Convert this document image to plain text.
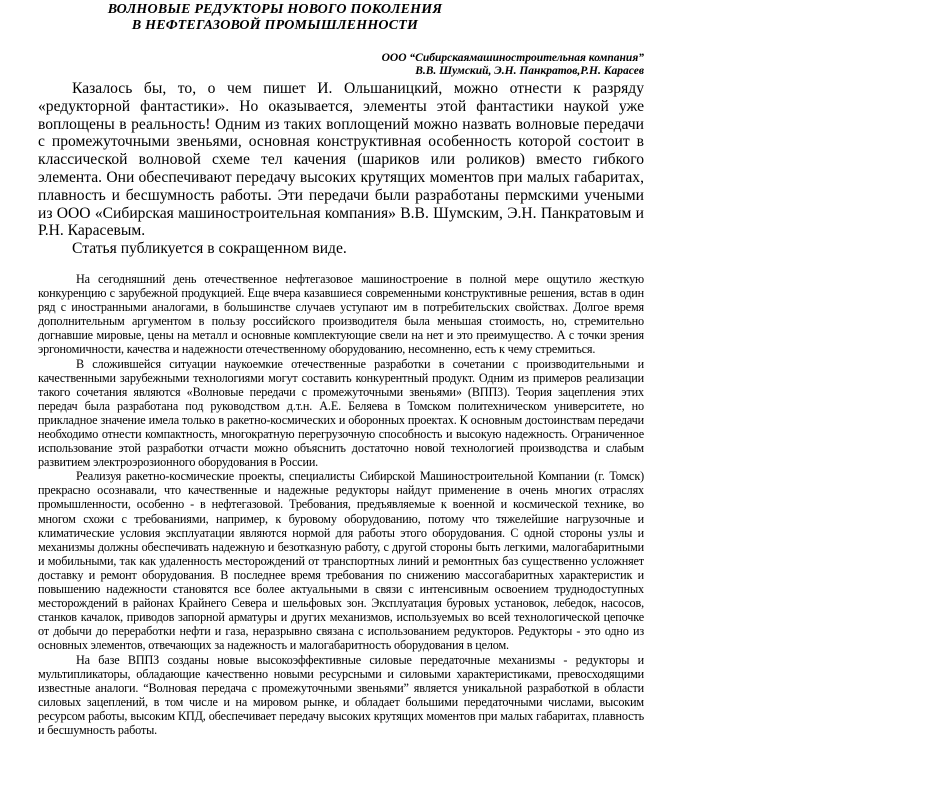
ВОЛНОВЫЕ РЕДУКТОРЫ НОВОГО ПОКОЛЕНИЯ
В НЕФТЕГАЗОВОЙ ПРОМЫШЛЕННОСТИ
ООО “Сибирскаямашиностроительная компания”
В.В. Шумский, Э.Н. Панкратов,Р.Н. Карасев

Казалось бы, то, о чем пишет И. Ольшаницкий, можно отнести к разряду «редукторной фантастики». Но оказывается, элементы этой фантастики наукой уже воплощены в реальность! Одним из таких воплощений можно назвать волновые передачи с промежуточными звеньями, основная конструктивная особенность которой состоит в классической волновой схеме тел качения (шариков или роликов) вместо гибкого элемента. Они обеспечивают передачу высоких крутящих моментов при малых габаритах, плавность и бесшумность работы. Эти передачи были разработаны пермскими учеными из ООО «Сибирская машиностроительная компания» В.В. Шумским, Э.Н. Панкратовым и Р.Н. Карасевым.

Статья публикуется в сокращенном виде.

На сегодняшний день отечественное нефтегазовое машиностроение в полной мере ощутило жесткую конкуренцию с зарубежной продукцией. Еще вчера казавшиеся современными конструктивные решения, встав в один ряд с иностранными аналогами, в большинстве случаев уступают им в потребительских свойствах. Долгое время дополнительным аргументом в пользу российского производителя была меньшая стоимость, но, стремительно догнавшие мировые, цены на металл и основные комплектующие свели на нет и это преимущество. А с точки зрения эргономичности, качества и надежности отечественному оборудованию, несомненно, есть к чему стремиться.

В сложившейся ситуации наукоемкие отечественные разработки в сочетании с производительными и качественными зарубежными технологиями могут составить конкурентный продукт. Одним из примеров реализации такого сочетания являются «Волновые передачи с промежуточными звеньями» (ВППЗ). Теория зацепления этих передач была разработана под руководством д.т.н. А.Е. Беляева в Томском политехническом университете, но прикладное значение имела только в ракетно-космических и оборонных проектах. К основным достоинствам передачи необходимо отнести компактность, многократную перегрузочную способность и высокую надежность. Ограниченное использование этой разработки отчасти можно объяснить достаточно новой технологией производства и слабым развитием электроэрозионного оборудования в России.

Реализуя ракетно-космические проекты, специалисты Сибирской Машиностроительной Компании (г. Томск) прекрасно осознавали, что качественные и надежные редукторы найдут применение в очень многих отраслях промышленности, особенно - в нефтегазовой. Требования, предъявляемые к военной и космической технике, во многом схожи с требованиями, например, к буровому оборудованию, потому что тяжелейшие нагрузочные и климатические условия эксплуатации являются нормой для работы этого оборудования. С одной стороны узлы и механизмы должны обеспечивать надежную и безотказную работу, с другой стороны быть легкими, малогабаритными и мобильными, так как удаленность месторождений от транспортных линий и ремонтных баз существенно усложняет доставку и ремонт оборудования. В последнее время требования по снижению массогабаритных характеристик и повышению надежности становятся все более актуальными в связи с интенсивным освоением труднодоступных месторождений в районах Крайнего Севера и шельфовых зон. Эксплуатация буровых установок, лебедок, насосов, станков качалок, приводов запорной арматуры и других механизмов, используемых во всей технологической цепочке от добычи до переработки нефти и газа, неразрывно связана с использованием редукторов. Редукторы - это одно из основных элементов, отвечающих за надежность и малогабаритность оборудования в целом.

На базе ВППЗ созданы новые высокоэффективные силовые передаточные механизмы - редукторы и мультипликаторы, обладающие качественно новыми ресурсными и силовыми характеристиками, превосходящими известные аналоги. “Волновая передача с промежуточными звеньями” является уникальной разработкой в области силовых зацеплений, в том числе и на мировом рынке, и обладает большими передаточными числами, высоким ресурсом работы, высоким КПД, обеспечивает передачу высоких крутящих моментов при малых габаритах, плавность и бесшумность работы.
